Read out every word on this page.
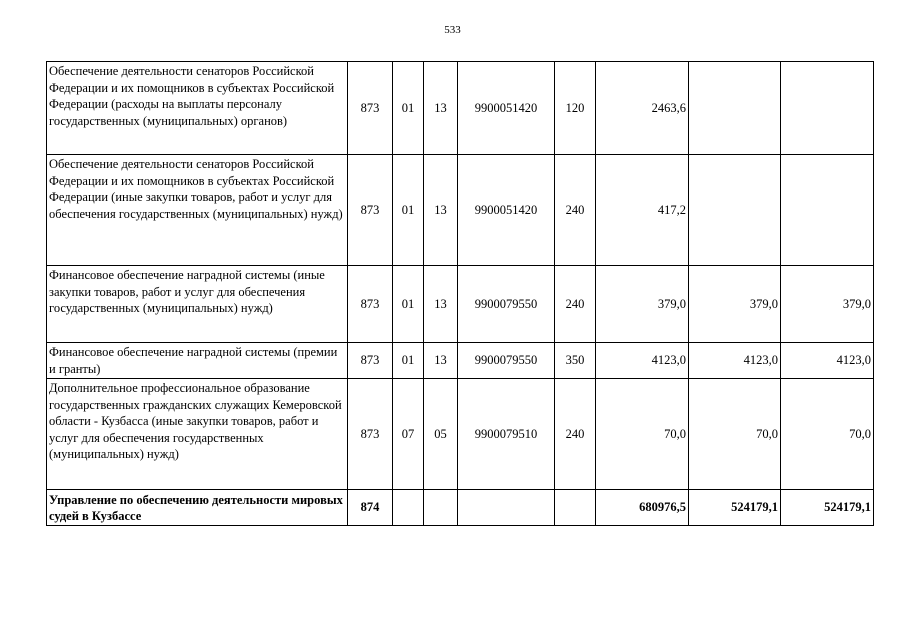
533
Обеспечение деятельности сенаторов Российской Федерации и их помощников в субъектах Российской Федерации (расходы на выплаты персоналу государственных (муниципальных) органов)	873	01	13	9900051420	120	2463,6		
Обеспечение деятельности сенаторов Российской Федерации и их помощников в субъектах Российской Федерации (иные закупки товаров, работ и услуг для обеспечения государственных (муниципальных) нужд)	873	01	13	9900051420	240	417,2		
Финансовое обеспечение наградной системы (иные закупки товаров, работ и услуг для обеспечения государственных (муниципальных) нужд)	873	01	13	9900079550	240	379,0	379,0	379,0
Финансовое обеспечение наградной системы (премии и гранты)	873	01	13	9900079550	350	4123,0	4123,0	4123,0
Дополнительное профессиональное образование государственных гражданских служащих Кемеровской области - Кузбасса (иные закупки товаров, работ и услуг для обеспечения государственных (муниципальных) нужд)	873	07	05	9900079510	240	70,0	70,0	70,0
Управление по обеспечению деятельности мировых судей в Кузбассе	874					680976,5	524179,1	524179,1
